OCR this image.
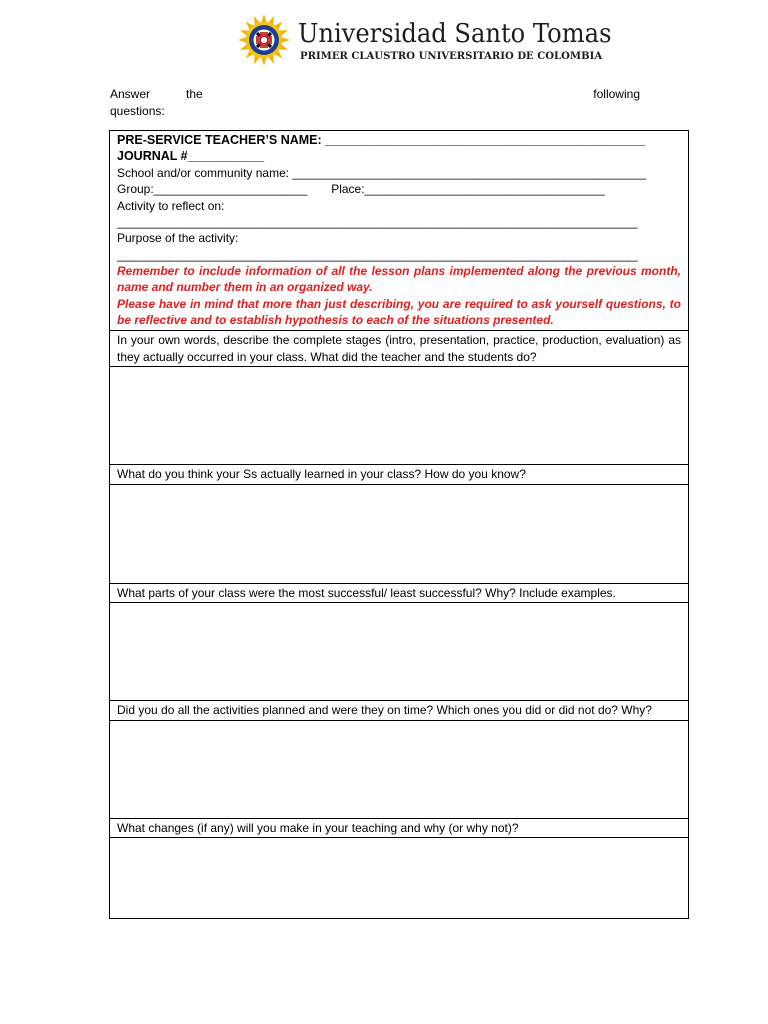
Universidad Santo Tomas
PRIMER CLAUSTRO UNIVERSITARIO DE COLOMBIA
Answer	the	following
questions:
PRE-SERVICE TEACHER’S NAME: ______________________________________________
JOURNAL #___________
School and/or community name: _____________________________________________________
Group:_______________________ Place:____________________________________
Activity to reflect on:
______________________________________________________________________________
Purpose of the activity:
______________________________________________________________________________
Remember to include information of all the lesson plans implemented along the previous month, name and number them in an organized way.
Please have in mind that more than just describing, you are required to ask yourself questions, to be reflective and to establish hypothesis to each of the situations presented.
In your own words, describe the complete stages (intro, presentation, practice, production, evaluation) as they actually occurred in your class. What did the teacher and the students do?
What do you think your Ss actually learned in your class? How do you know?
What parts of your class were the most successful/ least successful? Why? Include examples.
Did you do all the activities planned and were they on time? Which ones you did or did not do? Why?
What changes (if any) will you make in your teaching and why (or why not)?
